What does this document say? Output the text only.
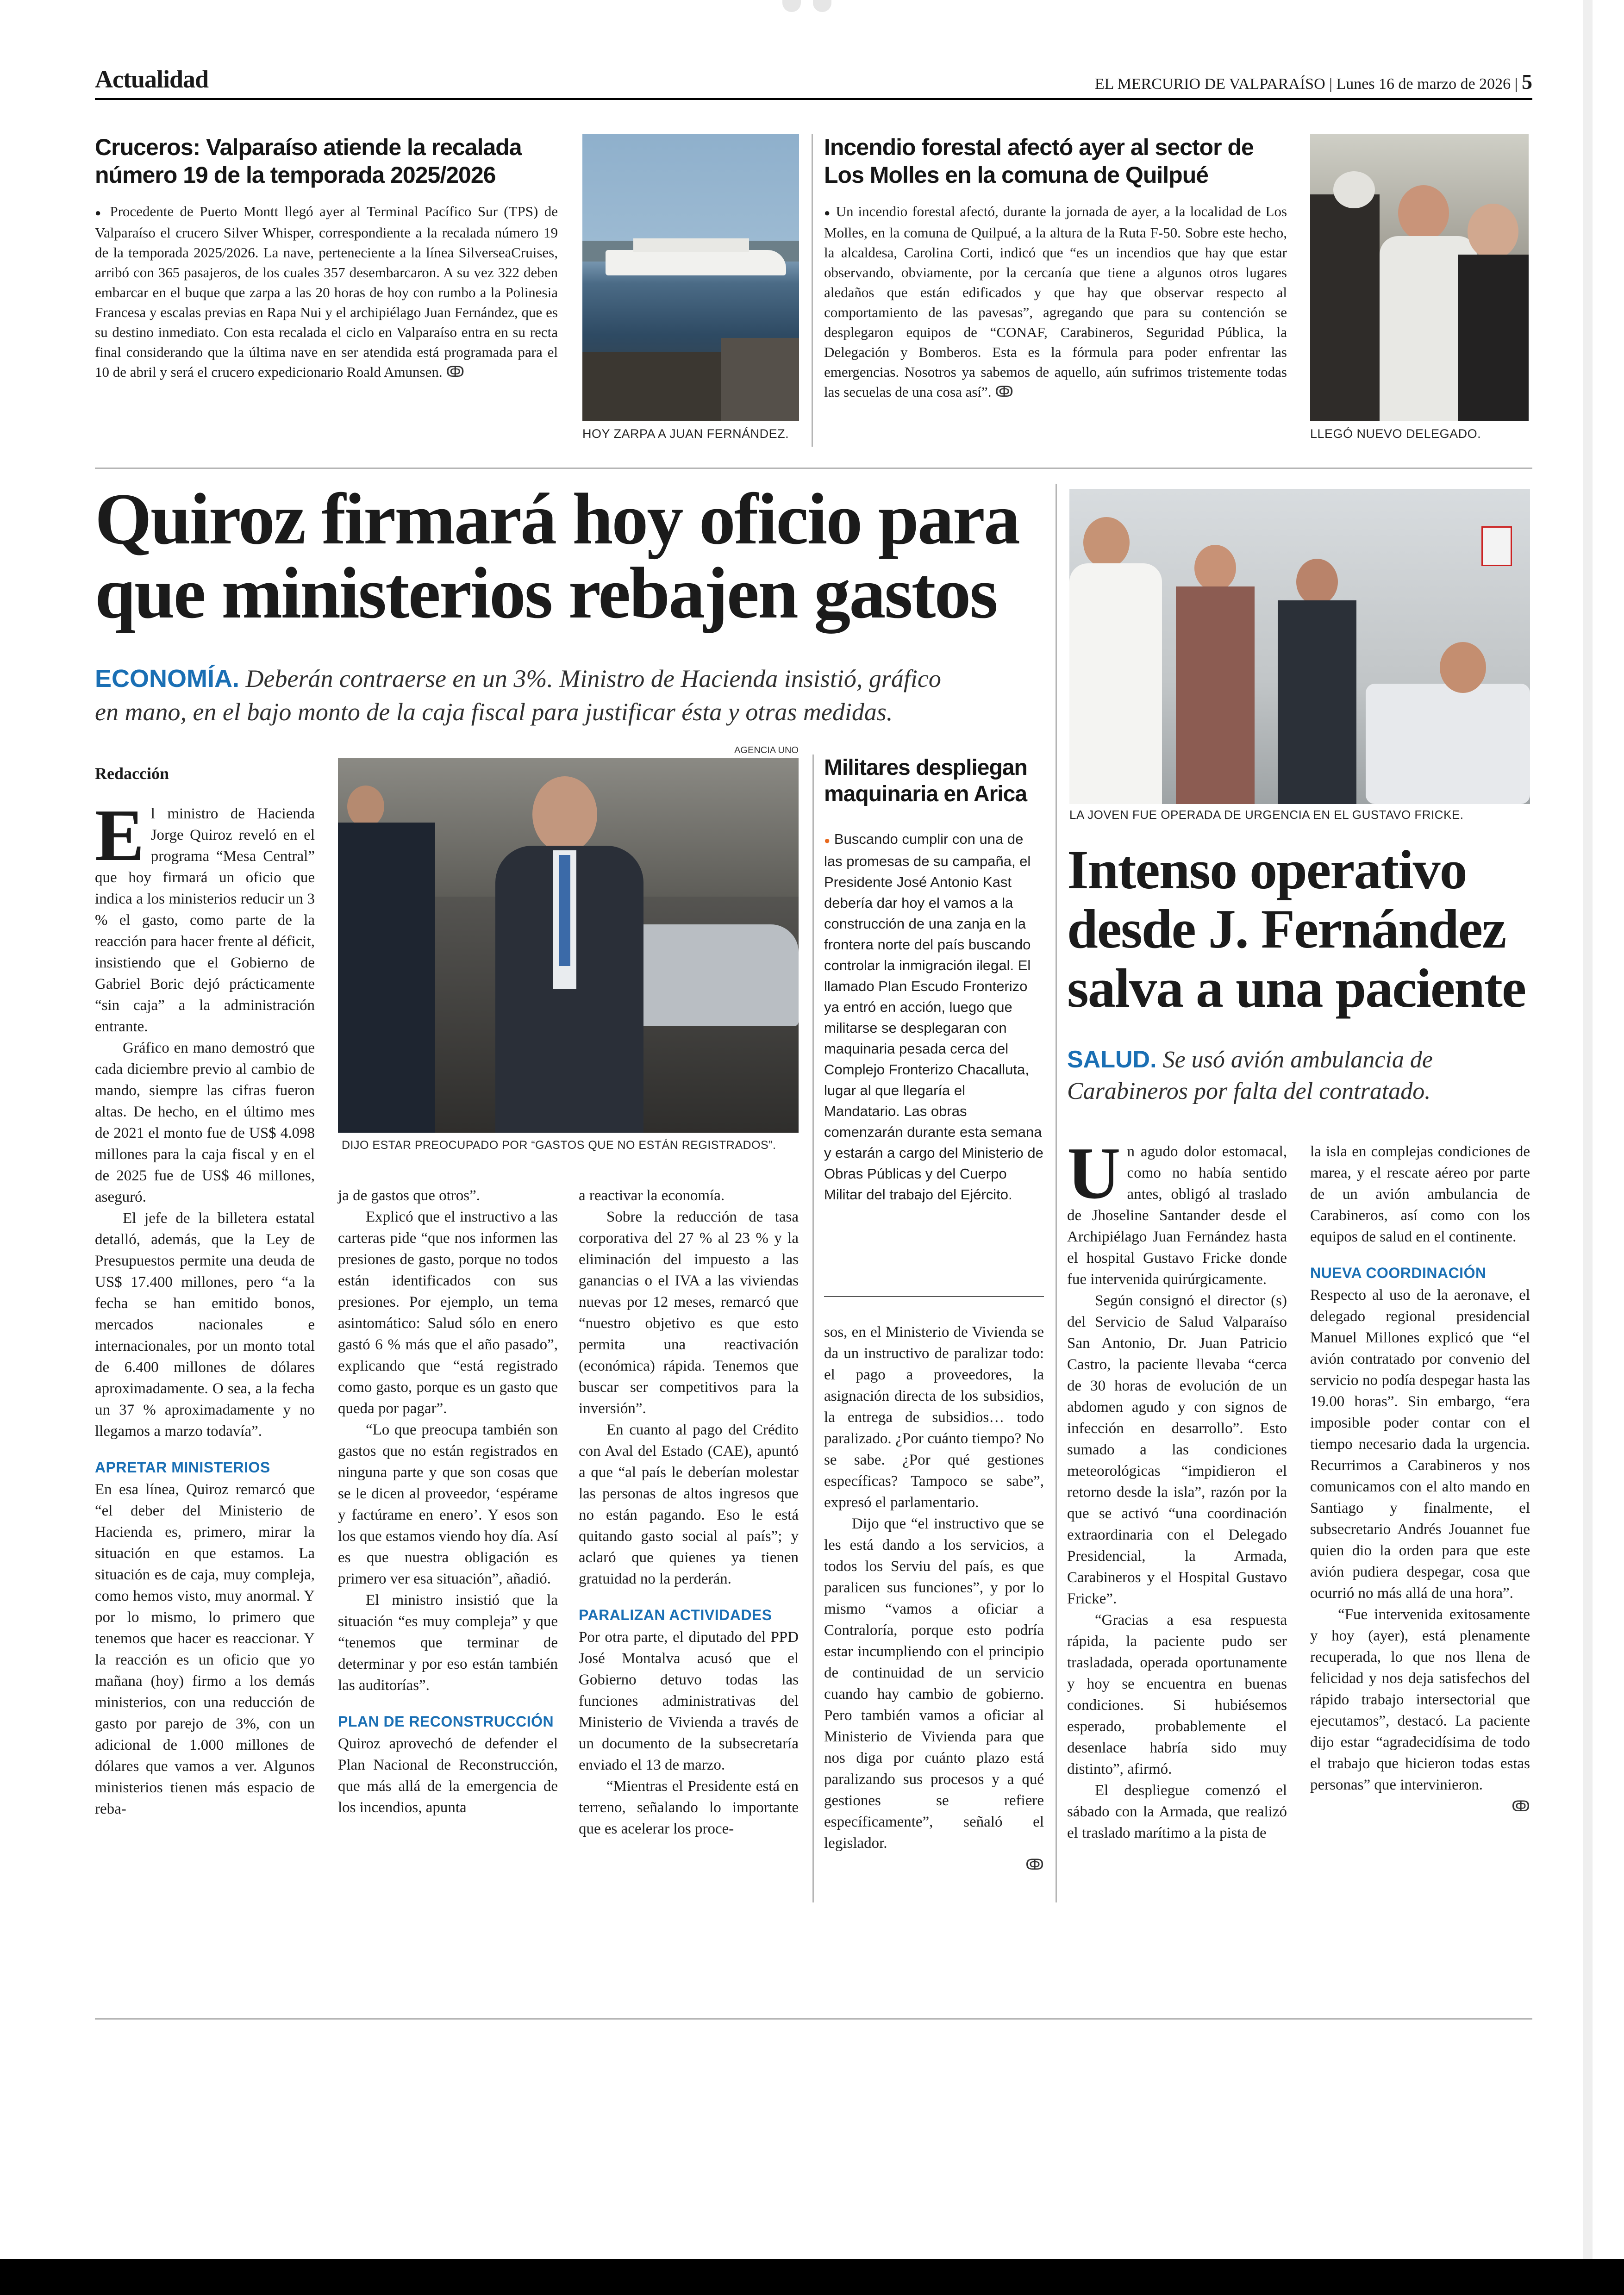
Actualidad	EL MERCURIO DE VALPARAÍSO | Lunes 16 de marzo de 2026 | 5
Cruceros: Valparaíso atiende la recalada número 19 de la temporada 2025/2026
● Procedente de Puerto Montt llegó ayer al Terminal Pacífico Sur (TPS) de Valparaíso el crucero Silver Whisper, correspondiente a la recalada número 19 de la temporada 2025/2026. La nave, perteneciente a la línea SilverseaCruises, arribó con 365 pasajeros, de los cuales 357 desembarcaron. A su vez 322 deben embarcar en el buque que zarpa a las 20 horas de hoy con rumbo a la Polinesia Francesa y escalas previas en Rapa Nui y el archipiélago Juan Fernández, que es su destino inmediato. Con esta recalada el ciclo en Valparaíso entra en su recta final considerando que la última nave en ser atendida está programada para el 10 de abril y será el crucero expedicionario Roald Amunsen. ↂ
HOY ZARPA A JUAN FERNÁNDEZ.
Incendio forestal afectó ayer al sector de Los Molles en la comuna de Quilpué
● Un incendio forestal afectó, durante la jornada de ayer, a la localidad de Los Molles, en la comuna de Quilpué, a la altura de la Ruta F-50. Sobre este hecho, la alcaldesa, Carolina Corti, indicó que “es un incendios que hay que estar observando, obviamente, por la cercanía que tiene a algunos otros lugares aledaños que están edificados y que hay que observar respecto al comportamiento de las pavesas”, agregando que para su contención se desplegaron equipos de “CONAF, Carabineros, Seguridad Pública, la Delegación y Bomberos. Esta es la fórmula para poder enfrentar las emergencias. Nosotros ya sabemos de aquello, aún sufrimos tristemente todas las secuelas de una cosa así”. ↂ
LLEGÓ NUEVO DELEGADO.
Quiroz firmará hoy oficio para
que ministerios rebajen gastos
ECONOMÍA. Deberán contraerse en un 3%. Ministro de Hacienda insistió, gráfico
en mano, en el bajo monto de la caja fiscal para justificar ésta y otras medidas.
Redacción
AGENCIA UNO
DIJO ESTAR PREOCUPADO POR “GASTOS QUE NO ESTÁN REGISTRADOS”.

El ministro de Hacienda Jorge Quiroz reveló en el programa “Mesa Central” que hoy firmará un oficio que indica a los ministerios reducir un 3 % el gasto, como parte de la reacción para hacer frente al déficit, insistiendo que el Gobierno de Gabriel Boric dejó prácticamente “sin caja” a la administración entrante.

Gráfico en mano demostró que cada diciembre previo al cambio de mando, siempre las cifras fueron altas. De hecho, en el último mes de 2021 el monto fue de US$ 4.098 millones para la caja fiscal y en el de 2025 fue de US$ 46 millones, aseguró.

El jefe de la billetera estatal detalló, además, que la Ley de Presupuestos permite una deuda de US$ 17.400 millones, pero “a la fecha se han emitido bonos, mercados nacionales e internacionales, por un monto total de 6.400 millones de dólares aproximadamente. O sea, a la fecha un 37 % aproximadamente y no llegamos a marzo todavía”.

APRETAR MINISTERIOS

En esa línea, Quiroz remarcó que “el deber del Ministerio de Hacienda es, primero, mirar la situación en que estamos. La situación es de caja, muy compleja, como hemos visto, muy anormal. Y por lo mismo, lo primero que tenemos que hacer es reaccionar. Y la reacción es un oficio que yo mañana (hoy) firmo a los demás ministerios, con una reducción de gasto por parejo de 3%, con un adicional de 1.000 millones de dólares que vamos a ver. Algunos ministerios tienen más espacio de reba-

ja de gastos que otros”.

Explicó que el instructivo a las carteras pide “que nos informen las presiones de gasto, porque no todos están identificados con sus presiones. Por ejemplo, un tema asintomático: Salud sólo en enero gastó 6 % más que el año pasado”, explicando que “está registrado como gasto, porque es un gasto que queda por pagar”.

“Lo que preocupa también son gastos que no están registrados en ninguna parte y que son cosas que se le dicen al proveedor, ‘espérame y factúrame en enero’. Y esos son los que estamos viendo hoy día. Así es que nuestra obligación es primero ver esa situación”, añadió.

El ministro insistió que la situación “es muy compleja” y que “tenemos que terminar de determinar y por eso están también las auditorías”.

PLAN DE RECONSTRUCCIÓN

Quiroz aprovechó de defender el Plan Nacional de Reconstrucción, que más allá de la emergencia de los incendios, apunta

a reactivar la economía.

Sobre la reducción de tasa corporativa del 27 % al 23 % y la eliminación del impuesto a las ganancias o el IVA a las viviendas nuevas por 12 meses, remarcó que “nuestro objetivo es que esto permita una reactivación (económica) rápida. Tenemos que buscar ser competitivos para la inversión”.

En cuanto al pago del Crédito con Aval del Estado (CAE), apuntó a que “al país le deberían molestar las personas de altos ingresos que no están pagando. Eso le está quitando gasto social al país”; y aclaró que quienes ya tienen gratuidad no la perderán.

PARALIZAN ACTIVIDADES

Por otra parte, el diputado del PPD José Montalva acusó que el Gobierno detuvo todas las funciones administrativas del Ministerio de Vivienda a través de un documento de la subsecretaría enviado el 13 de marzo.

“Mientras el Presidente está en terreno, señalando lo importante que es acelerar los proce-

Militares despliegan maquinaria en Arica
● Buscando cumplir con una de las promesas de su campaña, el Presidente José Antonio Kast debería dar hoy el vamos a la construcción de una zanja en la frontera norte del país buscando controlar la inmigración ilegal. El llamado Plan Escudo Fronterizo ya entró en acción, luego que militarse se desplegaran con maquinaria pesada cerca del Complejo Fronterizo Chacalluta, lugar al que llegaría el Mandatario. Las obras comenzarán durante esta semana y estarán a cargo del Ministerio de Obras Públicas y del Cuerpo Militar del trabajo del Ejército.

sos, en el Ministerio de Vivienda se da un instructivo de paralizar todo: el pago a proveedores, la asignación directa de los subsidios, la entrega de subsidios… todo paralizado. ¿Por cuánto tiempo? No se sabe. ¿Por qué gestiones específicas? Tampoco se sabe”, expresó el parlamentario.

Dijo que “el instructivo que se les está dando a los servicios, a todos los Serviu del país, es que paralicen sus funciones”, y por lo mismo “vamos a oficiar a Contraloría, porque esto podría estar incumpliendo con el principio de continuidad de un servicio cuando hay cambio de gobierno. Pero también vamos a oficiar al Ministerio de Vivienda para que nos diga por cuánto plazo está paralizando sus procesos y a qué gestiones se refiere específicamente”, señaló el legislador.

ↂ
LA JOVEN FUE OPERADA DE URGENCIA EN EL GUSTAVO FRICKE.
Intenso operativo
desde J. Fernández
salva a una paciente
SALUD. Se usó avión ambulancia de
Carabineros por falta del contratado.

Un agudo dolor estomacal, como no había sentido antes, obligó al traslado de Jhoseline Santander desde el Archipiélago Juan Fernández hasta el hospital Gustavo Fricke donde fue intervenida quirúrgicamente.

Según consignó el director (s) del Servicio de Salud Valparaíso San Antonio, Dr. Juan Patricio Castro, la paciente llevaba “cerca de 30 horas de evolución de un abdomen agudo y con signos de infección en desarrollo”. Esto sumado a las condiciones meteorológicas “impidieron el retorno desde la isla”, razón por la que se activó “una coordinación extraordinaria con el Delegado Presidencial, la Armada, Carabineros y el Hospital Gustavo Fricke”.

“Gracias a esa respuesta rápida, la paciente pudo ser trasladada, operada oportunamente y hoy se encuentra en buenas condiciones. Si hubiésemos esperado, probablemente el desenlace habría sido muy distinto”, afirmó.

El despliegue comenzó el sábado con la Armada, que realizó el traslado marítimo a la pista de

la isla en complejas condiciones de marea, y el rescate aéreo por parte de un avión ambulancia de Carabineros, así como con los equipos de salud en el continente.

NUEVA COORDINACIÓN

Respecto al uso de la aeronave, el delegado regional presidencial Manuel Millones explicó que “el avión contratado por convenio del servicio no podía despegar hasta las 19.00 horas”. Sin embargo, “era imposible poder contar con el tiempo necesario dada la urgencia. Recurrimos a Carabineros y nos comunicamos con el alto mando en Santiago y finalmente, el subsecretario Andrés Jouannet fue quien dio la orden para que este avión pudiera despegar, cosa que ocurrió no más allá de una hora”.

“Fue intervenida exitosamente y hoy (ayer), está plenamente recuperada, lo que nos llena de felicidad y nos deja satisfechos del rápido trabajo intersectorial que ejecutamos”, destacó. La paciente dijo estar “agradecidísima de todo el trabajo que hicieron todas estas personas” que intervinieron.

ↂ
